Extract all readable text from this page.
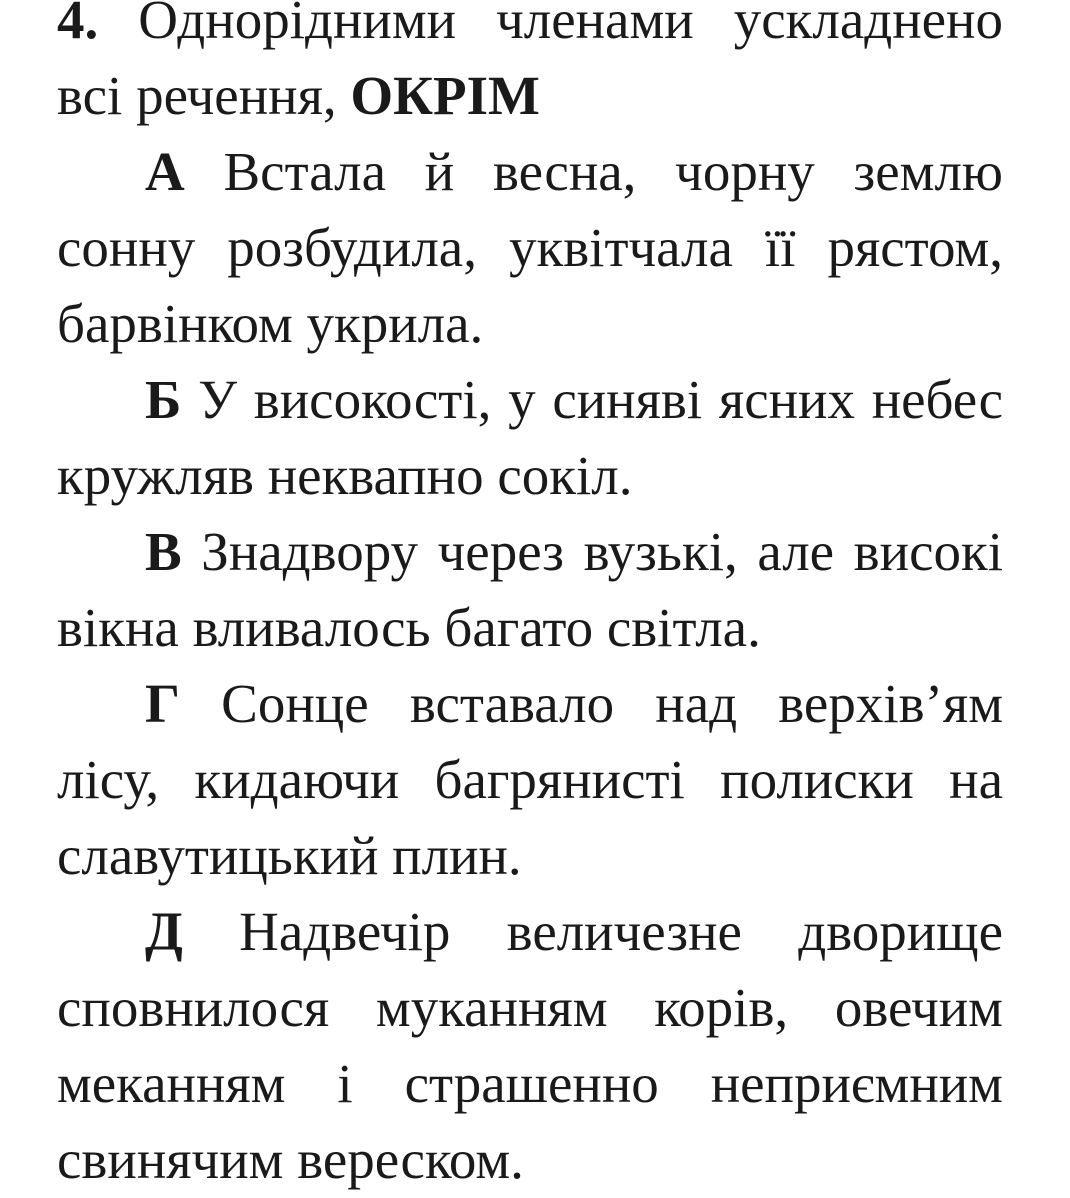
4. Однорідними членами ускладнено всі речення, ОКРІМ

А Встала й весна, чорну землю сонну розбудила, уквітчала її рястом, барвінком укрила.

Б У високості, у синяві ясних небес кружляв неквапно сокіл.

В Знадвору через вузькі, але високі вікна вливалось багато світла.

Г Сонце вставало над верхів’ям лісу, кидаючи багрянисті полиски на славутицький плин.

Д Надвечір величезне дворище сповнилося муканням корів, овечим меканням і страшенно неприємним свинячим вереском.
